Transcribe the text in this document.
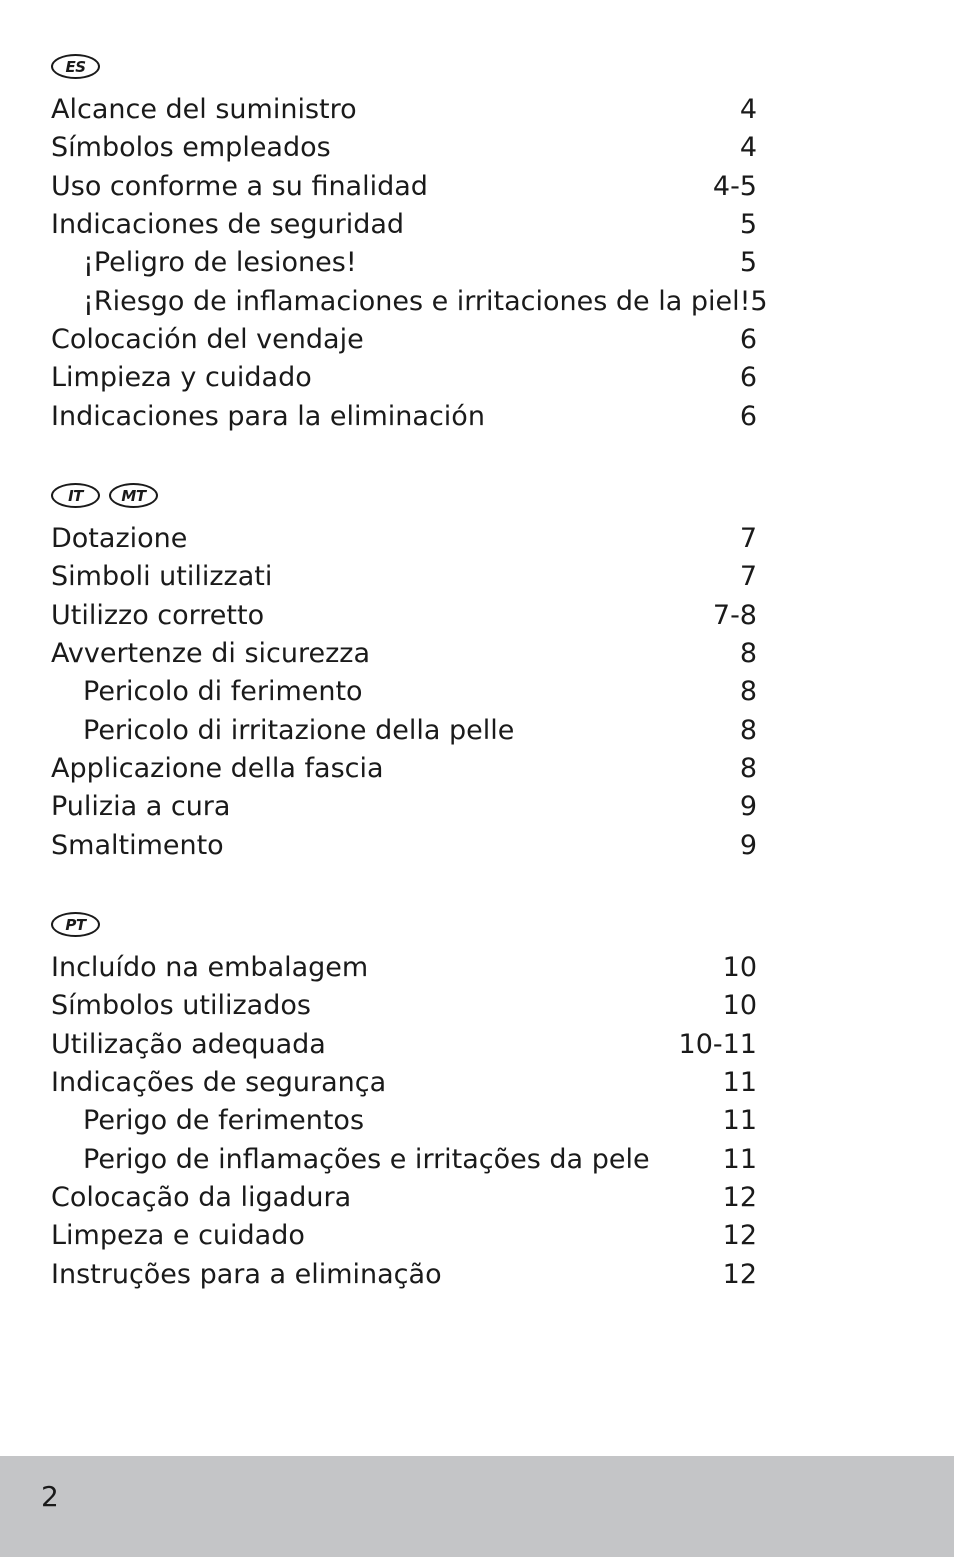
ES
Alcance del suministro	4
Símbolos empleados	4
Uso conforme a su finalidad	4-5
Indicaciones de seguridad	5
¡Peligro de lesiones!	5
¡Riesgo de inflamaciones e irritaciones de la piel! 5
Colocación del vendaje	6
Limpieza y cuidado	6
Indicaciones para la eliminación	6
IT	MT
Dotazione	7
Simboli utilizzati	7
Utilizzo corretto	7-8
Avvertenze di sicurezza	8
Pericolo di ferimento	8
Pericolo di irritazione della pelle	8
Applicazione della fascia	8
Pulizia a cura	9
Smaltimento	9
PT
Incluído na embalagem	10
Símbolos utilizados	10
Utilização adequada	10-11
Indicações de segurança	11
Perigo de ferimentos	11
Perigo de inflamações e irritações da pele	11
Colocação da ligadura	12
Limpeza e cuidado	12
Instruções para a eliminação	12
2
